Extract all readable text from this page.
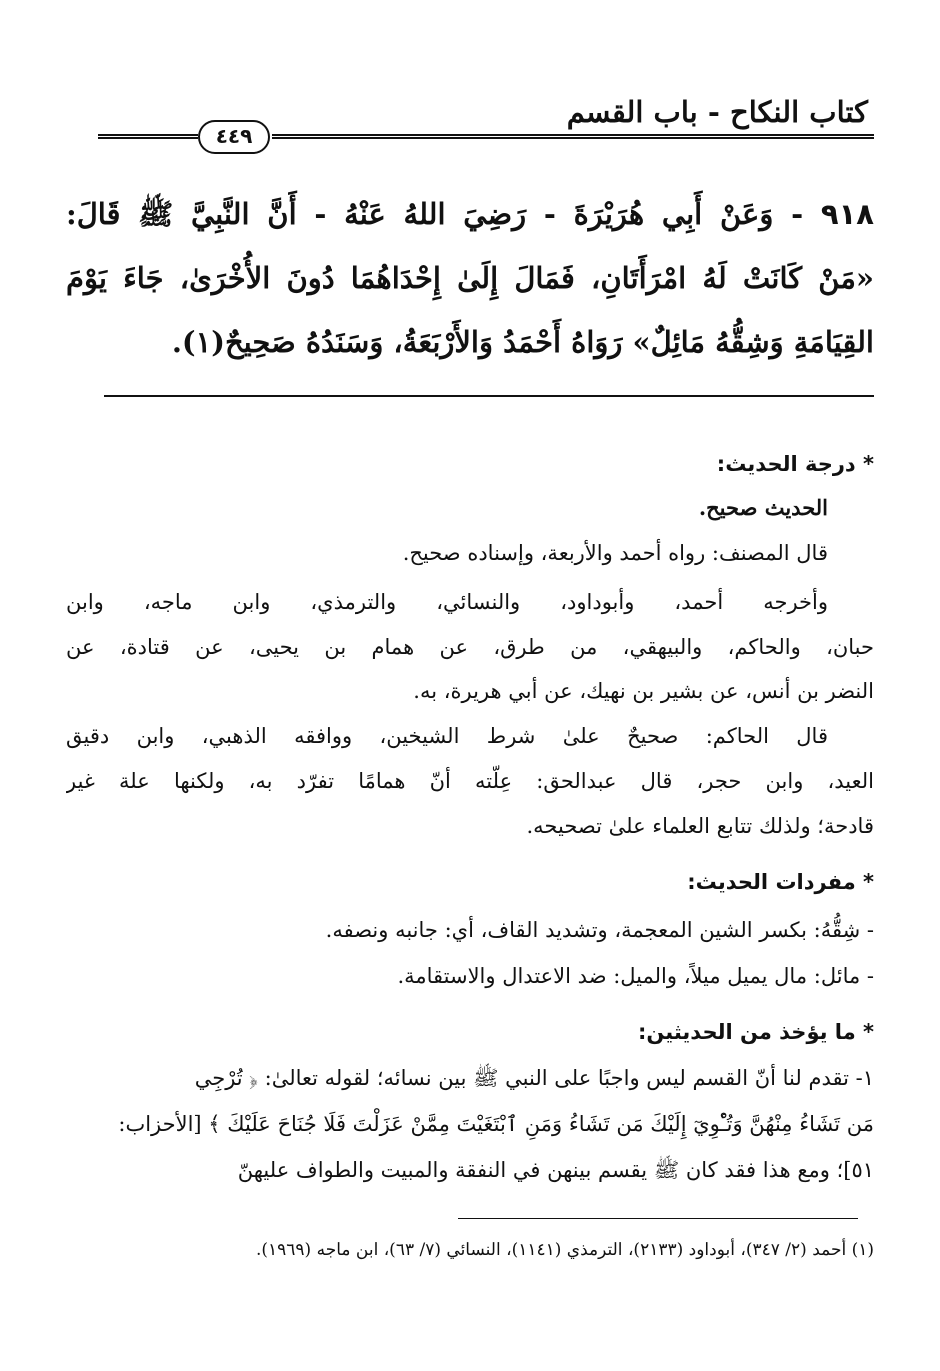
كتاب النكاح - باب القسم
٤٤٩
٩١٨ - وَعَنْ أَبِي هُرَيْرَةَ - رَضِيَ اللهُ عَنْهُ - أَنَّ النَّبِيَّ ﷺ قَالَ:
«مَنْ كَانَتْ لَهُ امْرَأَتَانِ، فَمَالَ إِلَىٰ إِحْدَاهُمَا دُونَ الأُخْرَىٰ، جَاءَ يَوْمَ
القِيَامَةِ وَشِقُّهُ مَائِلٌ» رَوَاهُ أَحْمَدُ وَالأَرْبَعَةُ، وَسَنَدُهُ صَحِيحٌ(١).
* درجة الحديث:
الحديث صحيح.
قال المصنف: رواه أحمد والأربعة، وإسناده صحيح.
وأخرجه أحمد، وأبوداود، والنسائي، والترمذي، وابن ماجه، وابن
حبان، والحاكم، والبيهقي، من طرق، عن همام بن يحيى، عن قتادة، عن
النضر بن أنس، عن بشير بن نهيك، عن أبي هريرة، به.
قال الحاكم: صحيحٌ علىٰ شرط الشيخين، ووافقه الذهبي، وابن دقيق
العيد، وابن حجر، قال عبدالحق: عِلّته أنّ همامًا تفرّد به، ولكنها علة غير
قادحة؛ ولذلك تتابع العلماء علىٰ تصحيحه.
* مفردات الحديث:
- شِقُّهُ: بكسر الشين المعجمة، وتشديد القاف، أي: جانبه ونصفه.
- مائل: مال يميل ميلاً، والميل: ضد الاعتدال والاستقامة.
* ما يؤخذ من الحديثين:
١- تقدم لنا أنّ القسم ليس واجبًا على النبي ﷺ بين نسائه؛ لقوله تعالىٰ: ﴿ تُرْجِي
مَن تَشَاءُ مِنْهُنَّ وَتُـْٔوِيٓ إِلَيْكَ مَن تَشَاءُ وَمَنِ ٱبْتَغَيْتَ مِمَّنْ عَزَلْتَ فَلَا جُنَاحَ عَلَيْكَ ﴾ [الأحزاب:
٥١]؛ ومع هذا فقد كان ﷺ يقسم بينهن في النفقة والمبيت والطواف عليهنّ
(١) أحمد (٢/ ٣٤٧)، أبوداود (٢١٣٣)، الترمذي (١١٤١)، النسائي (٧/ ٦٣)، ابن ماجه (١٩٦٩).
